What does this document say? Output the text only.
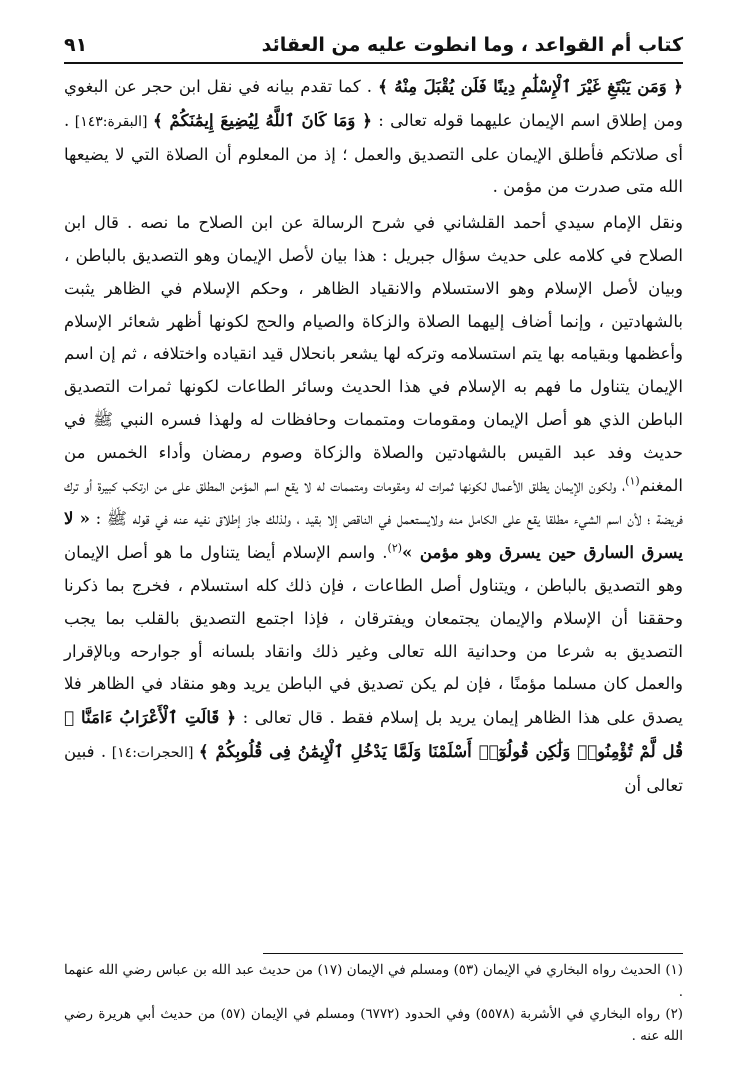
كتاب أم القواعد ، وما انطوت عليه من العقائد
٩١

﴿ وَمَن يَبْتَغِ غَيْرَ ٱلْإِسْلَٰمِ دِينًا فَلَن يُقْبَلَ مِنْهُ ﴾ . كما تقدم بيانه في نقل ابن حجر عن البغوي ومن إطلاق اسم الإيمان عليهما قوله تعالى : ﴿ وَمَا كَانَ ٱللَّهُ لِيُضِيعَ إِيمَٰنَكُمْ ﴾ [البقرة:١٤٣] . أى صلاتكم فأطلق الإيمان على التصديق والعمل ؛ إذ من المعلوم أن الصلاة التي لا يضيعها الله متى صدرت من مؤمن .

ونقل الإمام سيدي أحمد القلشاني في شرح الرسالة عن ابن الصلاح ما نصه . قال ابن الصلاح في كلامه على حديث سؤال جبريل : هذا بيان لأصل الإيمان وهو التصديق بالباطن ، وبيان لأصل الإسلام وهو الاستسلام والانقياد الظاهر ، وحكم الإسلام في الظاهر يثبت بالشهادتين ، وإنما أضاف إليهما الصلاة والزكاة والصيام والحج لكونها أظهر شعائر الإسلام وأعظمها وبقيامه بها يتم استسلامه وتركه لها يشعر بانحلال قيد انقياده واختلافه ، ثم إن اسم الإيمان يتناول ما فهم به الإسلام في هذا الحديث وسائر الطاعات لكونها ثمرات التصديق الباطن الذي هو أصل الإيمان ومقومات ومتممات وحافظات له ولهذا فسره النبي ﷺ في حديث وفد عبد القيس بالشهادتين والصلاة والزكاة وصوم رمضان وأداء الخمس من المغنم$^{(١)}$، ولكون الإيمان يطلق الأعمال لكونها ثمرات له ومقومات ومتممات له لا يقع اسم المؤمن المطلق على من ارتكب كبيرة أو ترك فريضة ؛ لأن اسم الشيء مطلقا يقع على الكامل منه ولايستعمل في الناقص إلا بقيد ، ولذلك جاز إطلاق نفيه عنه في قوله ﷺ : « لا يسرق السارق حين يسرق وهو مؤمن »$^{(٢)}$. واسم الإسلام أيضا يتناول ما هو أصل الإيمان وهو التصديق بالباطن ، ويتناول أصل الطاعات ، فإن ذلك كله استسلام ، فخرج بما ذكرنا وحققنا أن الإسلام والإيمان يجتمعان ويفترقان ، فإذا اجتمع التصديق بالقلب بما يجب التصديق به شرعا من وحدانية الله تعالى وغير ذلك وانقاد بلسانه أو جوارحه وبالإقرار والعمل كان مسلما مؤمنًا ، فإن لم يكن تصديق في الباطن يريد وهو منقاد في الظاهر فلا يصدق على هذا الظاهر إيمان يريد بل إسلام فقط . قال تعالى : ﴿ قَالَتِ ٱلْأَعْرَابُ ءَامَنَّا ۖ قُل لَّمْ تُؤْمِنُوا۟ وَلَٰكِن قُولُوٓا۟ أَسْلَمْنَا وَلَمَّا يَدْخُلِ ٱلْإِيمَٰنُ فِى قُلُوبِكُمْ ﴾ [الحجرات:١٤] . فبين تعالى أن

(١) الحديث رواه البخاري في الإيمان (٥٣) ومسلم في الإيمان (١٧) من حديث عبد الله بن عباس رضي الله عنهما .

(٢) رواه البخاري في الأشربة (٥٥٧٨) وفي الحدود (٦٧٧٢) ومسلم في الإيمان (٥٧) من حديث أبي هريرة رضي الله عنه .
